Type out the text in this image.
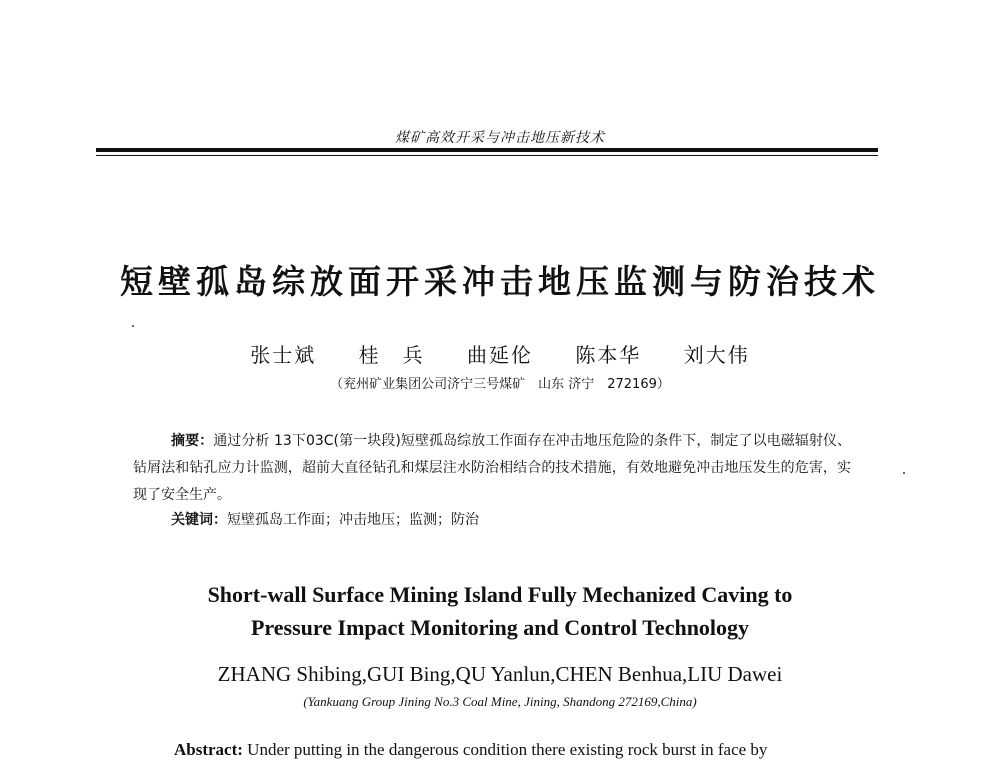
煤矿高效开采与冲击地压新技术
短壁孤岛综放面开采冲击地压监测与防治技术
张士斌　 桂　兵　 曲延伦　 陈本华　 刘大伟
（兖州矿业集团公司济宁三号煤矿　山东 济宁　272169）
摘要：通过分析 13下03C(第一块段)短壁孤岛综放工作面存在冲击地压危险的条件下，制定了以电磁辐射仪、钻屑法和钻孔应力计监测，超前大直径钻孔和煤层注水防治相结合的技术措施，有效地避免冲击地压发生的危害，实现了安全生产。
关键词：短壁孤岛工作面；冲击地压；监测；防治
Short-wall Surface Mining Island Fully Mechanized Caving to
Pressure Impact Monitoring and Control Technology
ZHANG Shibing,GUI Bing,QU Yanlun,CHEN Benhua,LIU Dawei
(Yankuang Group Jining No.3 Coal Mine, Jining, Shandong 272169,China)
Abstract: Under putting in the dangerous condition there existing rock burst in face by
